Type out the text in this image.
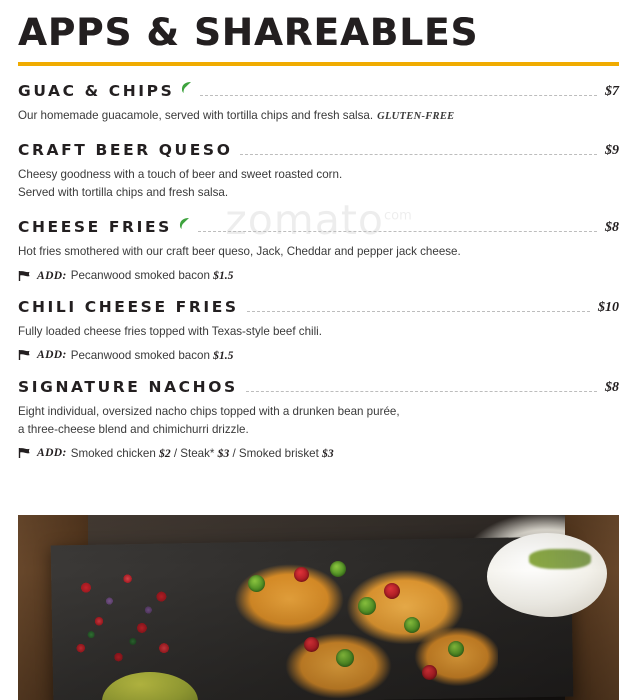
APPS & SHAREABLES
zomato$^{com}$
GUAC & CHIPS	$7
Our homemade guacamole, served with tortilla chips and fresh salsa. GLUTEN-FREE
CRAFT BEER QUESO	$9
Cheesy goodness with a touch of beer and sweet roasted corn.
Served with tortilla chips and fresh salsa.
CHEESE FRIES	$8
Hot fries smothered with our craft beer queso, Jack, Cheddar and pepper jack cheese.
ADD: Pecanwood smoked bacon $1.5
CHILI CHEESE FRIES	$10
Fully loaded cheese fries topped with Texas-style beef chili.
ADD: Pecanwood smoked bacon $1.5
SIGNATURE NACHOS	$8
Eight individual, oversized nacho chips topped with a drunken bean purée,
a three-cheese blend and chimichurri drizzle.
ADD: Smoked chicken $2 / Steak* $3 / Smoked brisket $3
